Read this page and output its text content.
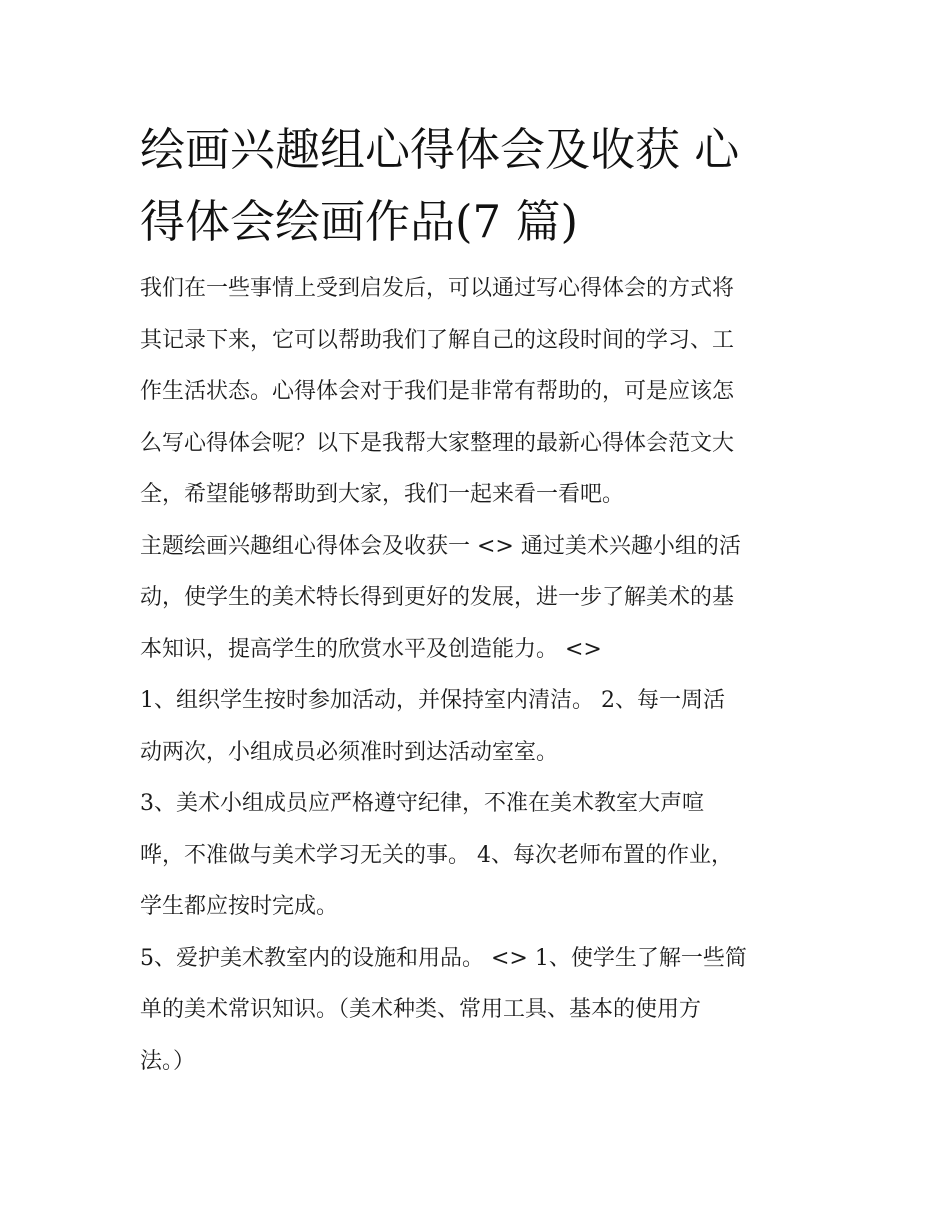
绘画兴趣组心得体会及收获 心
得体会绘画作品(7 篇)

我们在一些事情上受到启发后，可以通过写心得体会的方式将
其记录下来，它可以帮助我们了解自己的这段时间的学习、工
作生活状态。心得体会对于我们是非常有帮助的，可是应该怎
么写心得体会呢？以下是我帮大家整理的最新心得体会范文大
全，希望能够帮助到大家，我们一起来看一看吧。

主题绘画兴趣组心得体会及收获一 <> 通过美术兴趣小组的活
动，使学生的美术特长得到更好的发展，进一步了解美术的基
本知识，提高学生的欣赏水平及创造能力。 <>

1、组织学生按时参加活动，并保持室内清洁。 2、每一周活
动两次，小组成员必须准时到达活动室室。

3、美术小组成员应严格遵守纪律，不准在美术教室大声喧
哗，不准做与美术学习无关的事。 4、每次老师布置的作业，
学生都应按时完成。

5、爱护美术教室内的设施和用品。 <> 1、使学生了解一些简
单的美术常识知识。（美术种类、常用工具、基本的使用方
法。）
